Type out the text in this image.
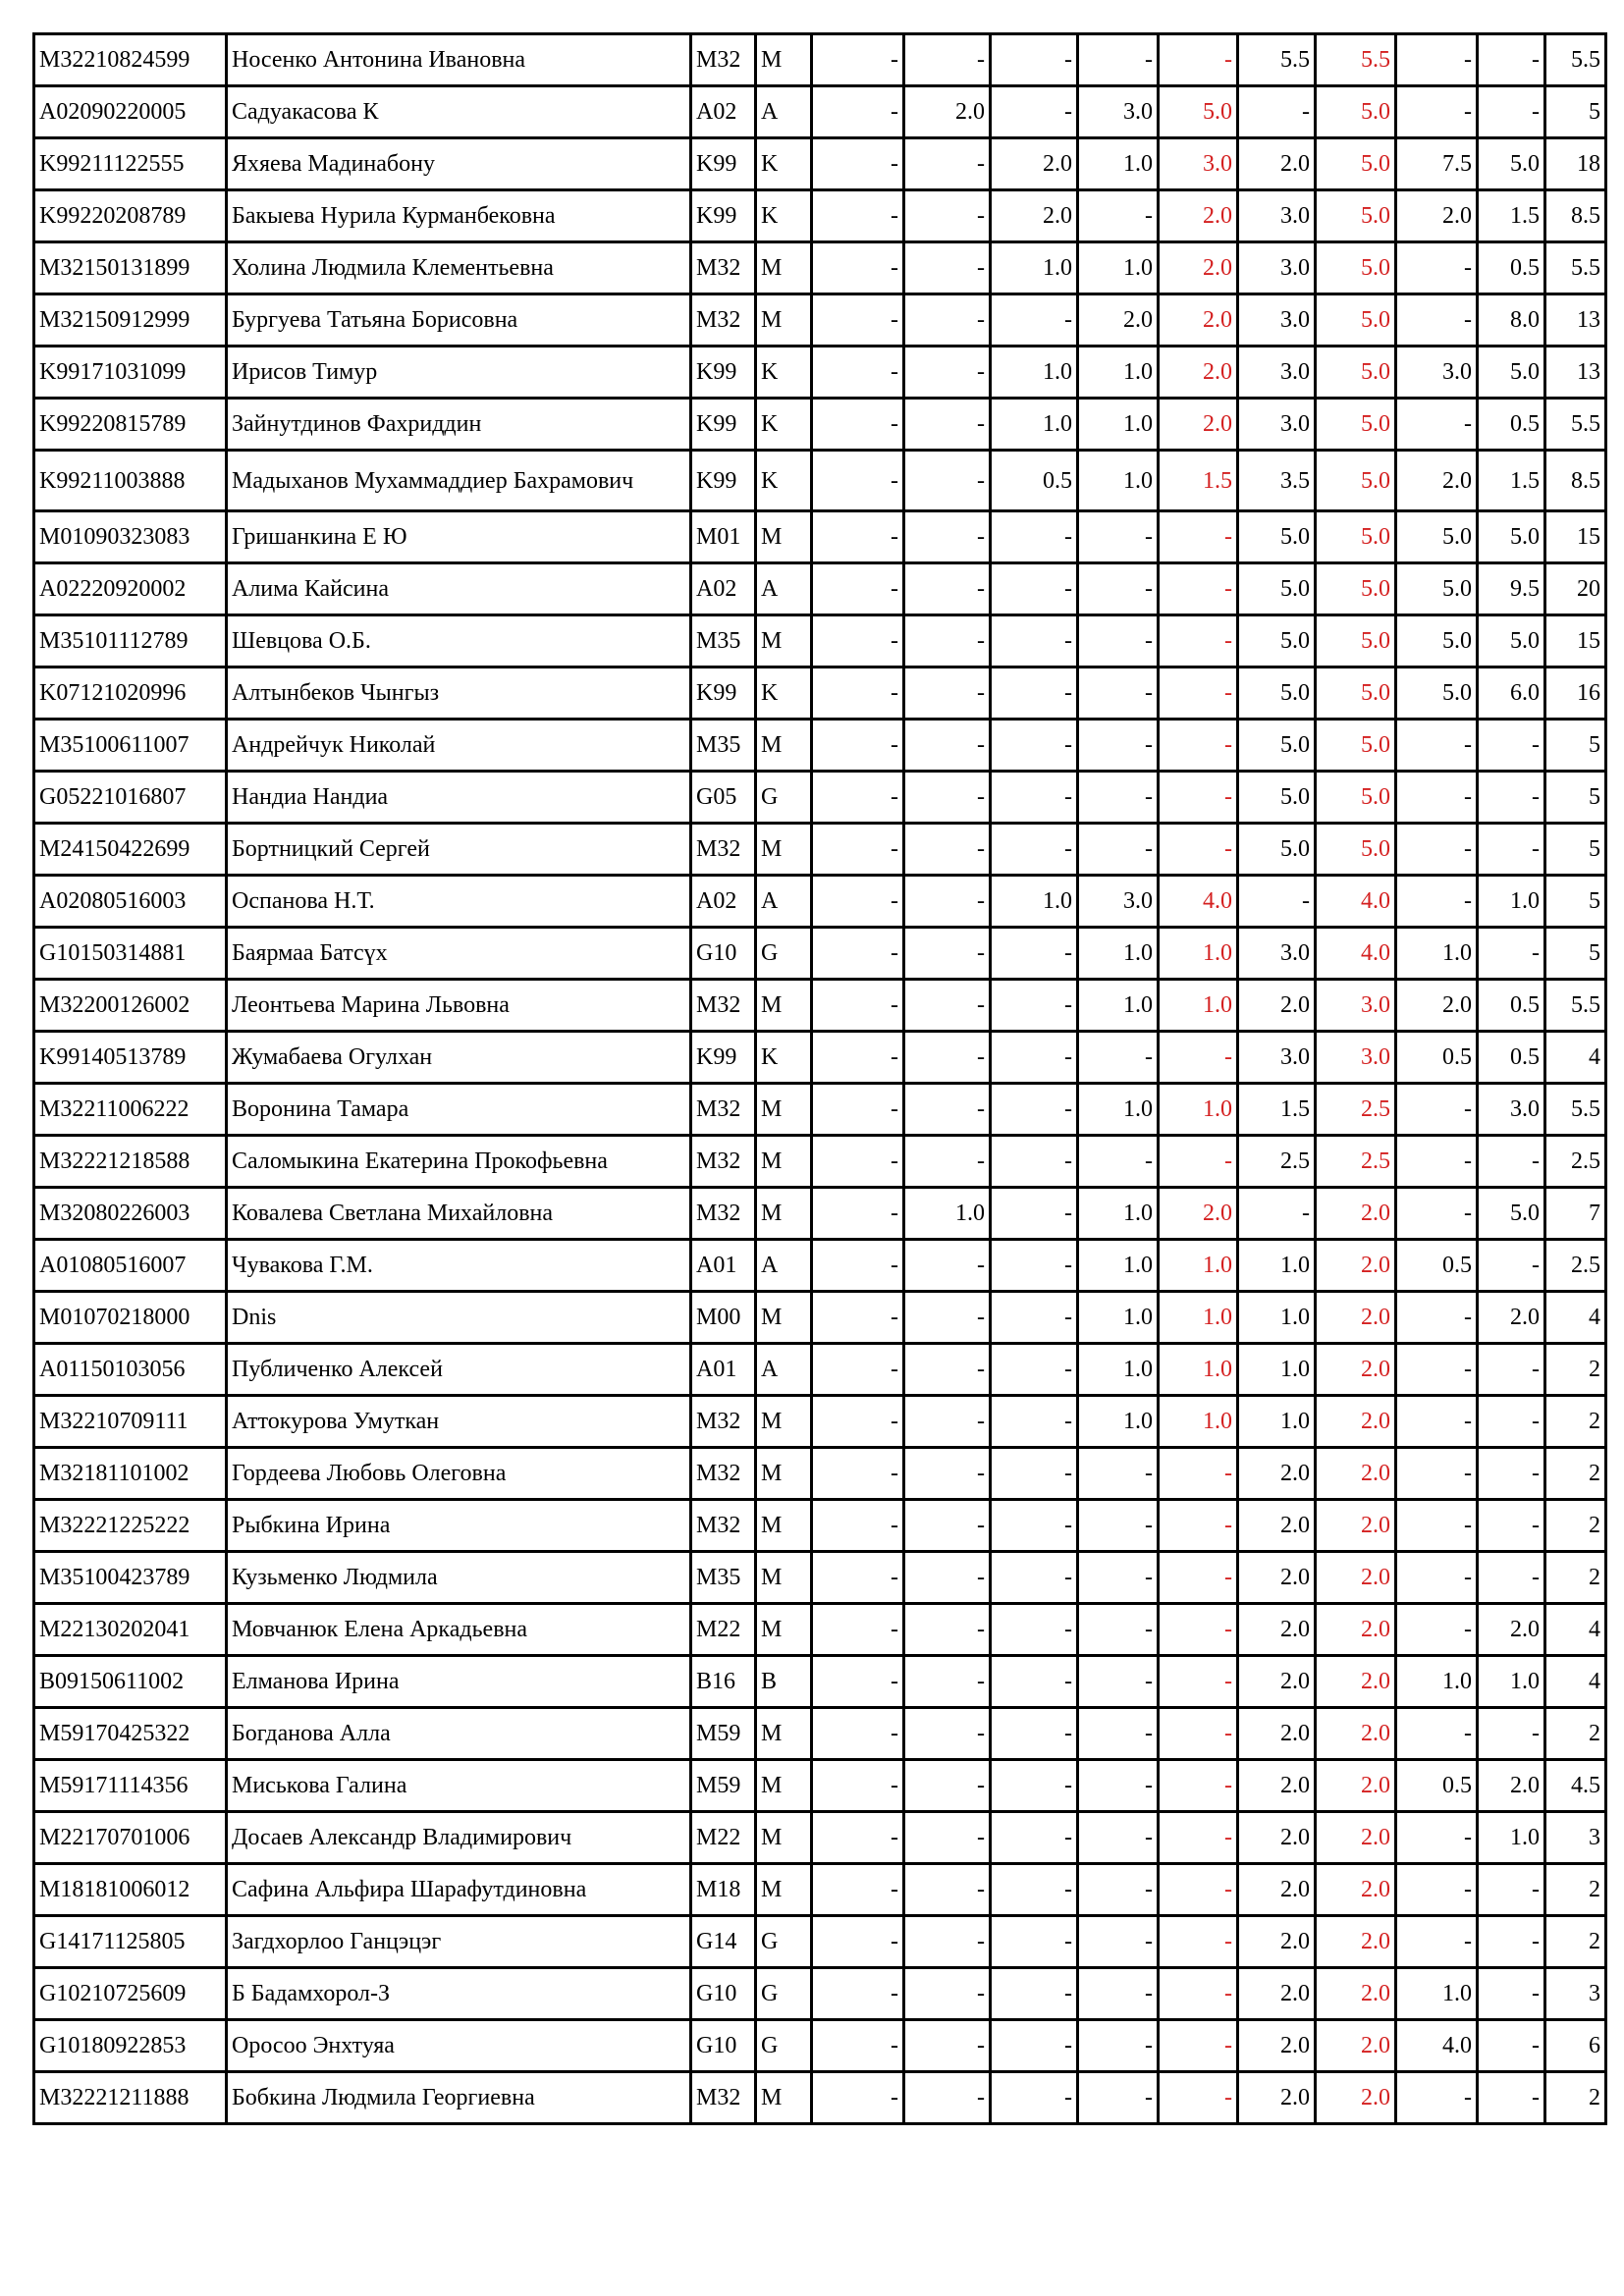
M32210824599	Носенко Антонина Ивановна	M32	M	-	-	-	-	-	5.5	5.5	-	-	5.5
A02090220005	Садуакасова К	A02	A	-	2.0	-	3.0	5.0	-	5.0	-	-	5
K99211122555	Яхяева Мадинабону	K99	K	-	-	2.0	1.0	3.0	2.0	5.0	7.5	5.0	18
K99220208789	Бакыева Нурила Курманбековна	K99	K	-	-	2.0	-	2.0	3.0	5.0	2.0	1.5	8.5
M32150131899	Холина Людмила Клементьевна	M32	M	-	-	1.0	1.0	2.0	3.0	5.0	-	0.5	5.5
M32150912999	Бургуева Татьяна Борисовна	M32	M	-	-	-	2.0	2.0	3.0	5.0	-	8.0	13
K99171031099	Ирисов Тимур	K99	K	-	-	1.0	1.0	2.0	3.0	5.0	3.0	5.0	13
K99220815789	Зайнутдинов Фахриддин	K99	K	-	-	1.0	1.0	2.0	3.0	5.0	-	0.5	5.5
K99211003888	Мадыханов Мухаммаддиер Бахрамович	K99	K	-	-	0.5	1.0	1.5	3.5	5.0	2.0	1.5	8.5
M01090323083	Гришанкина Е Ю	M01	M	-	-	-	-	-	5.0	5.0	5.0	5.0	15
A02220920002	Алима Кайсина	A02	A	-	-	-	-	-	5.0	5.0	5.0	9.5	20
M35101112789	Шевцова О.Б.	M35	M	-	-	-	-	-	5.0	5.0	5.0	5.0	15
K07121020996	Алтынбеков Чынгыз	K99	K	-	-	-	-	-	5.0	5.0	5.0	6.0	16
M35100611007	Андрейчук Николай	M35	M	-	-	-	-	-	5.0	5.0	-	-	5
G05221016807	Нандиа Нандиа	G05	G	-	-	-	-	-	5.0	5.0	-	-	5
M24150422699	Бортницкий Сергей	M32	M	-	-	-	-	-	5.0	5.0	-	-	5
A02080516003	Оспанова Н.Т.	A02	A	-	-	1.0	3.0	4.0	-	4.0	-	1.0	5
G10150314881	Баярмаа Батсүх	G10	G	-	-	-	1.0	1.0	3.0	4.0	1.0	-	5
M32200126002	Леонтьева Марина Львовна	M32	M	-	-	-	1.0	1.0	2.0	3.0	2.0	0.5	5.5
K99140513789	Жумабаева Огулхан	K99	K	-	-	-	-	-	3.0	3.0	0.5	0.5	4
M32211006222	Воронина Тамара	M32	M	-	-	-	1.0	1.0	1.5	2.5	-	3.0	5.5
M32221218588	Саломыкина Екатерина Прокофьевна	M32	M	-	-	-	-	-	2.5	2.5	-	-	2.5
M32080226003	Ковалева Светлана Михайловна	M32	M	-	1.0	-	1.0	2.0	-	2.0	-	5.0	7
A01080516007	Чувакова Г.М.	A01	A	-	-	-	1.0	1.0	1.0	2.0	0.5	-	2.5
M01070218000	Dnis	M00	M	-	-	-	1.0	1.0	1.0	2.0	-	2.0	4
A01150103056	Публиченко Алексей	A01	A	-	-	-	1.0	1.0	1.0	2.0	-	-	2
M32210709111	Аттокурова Умуткан	M32	M	-	-	-	1.0	1.0	1.0	2.0	-	-	2
M32181101002	Гордеева Любовь Олеговна	M32	M	-	-	-	-	-	2.0	2.0	-	-	2
M32221225222	Рыбкина Ирина	M32	M	-	-	-	-	-	2.0	2.0	-	-	2
M35100423789	Кузьменко Людмила	M35	M	-	-	-	-	-	2.0	2.0	-	-	2
M22130202041	Мовчанюк Елена Аркадьевна	M22	M	-	-	-	-	-	2.0	2.0	-	2.0	4
B09150611002	Елманова Ирина	B16	B	-	-	-	-	-	2.0	2.0	1.0	1.0	4
M59170425322	Богданова Алла	M59	M	-	-	-	-	-	2.0	2.0	-	-	2
M59171114356	Миськова Галина	M59	M	-	-	-	-	-	2.0	2.0	0.5	2.0	4.5
M22170701006	Досаев Александр Владимирович	M22	M	-	-	-	-	-	2.0	2.0	-	1.0	3
M18181006012	Сафина Альфира Шарафутдиновна	M18	M	-	-	-	-	-	2.0	2.0	-	-	2
G14171125805	Загдхорлоо Ганцэцэг	G14	G	-	-	-	-	-	2.0	2.0	-	-	2
G10210725609	Б Бадамхорол-З	G10	G	-	-	-	-	-	2.0	2.0	1.0	-	3
G10180922853	Оросоо Энхтуяа	G10	G	-	-	-	-	-	2.0	2.0	4.0	-	6
M32221211888	Бобкина Людмила Георгиевна	M32	M	-	-	-	-	-	2.0	2.0	-	-	2
